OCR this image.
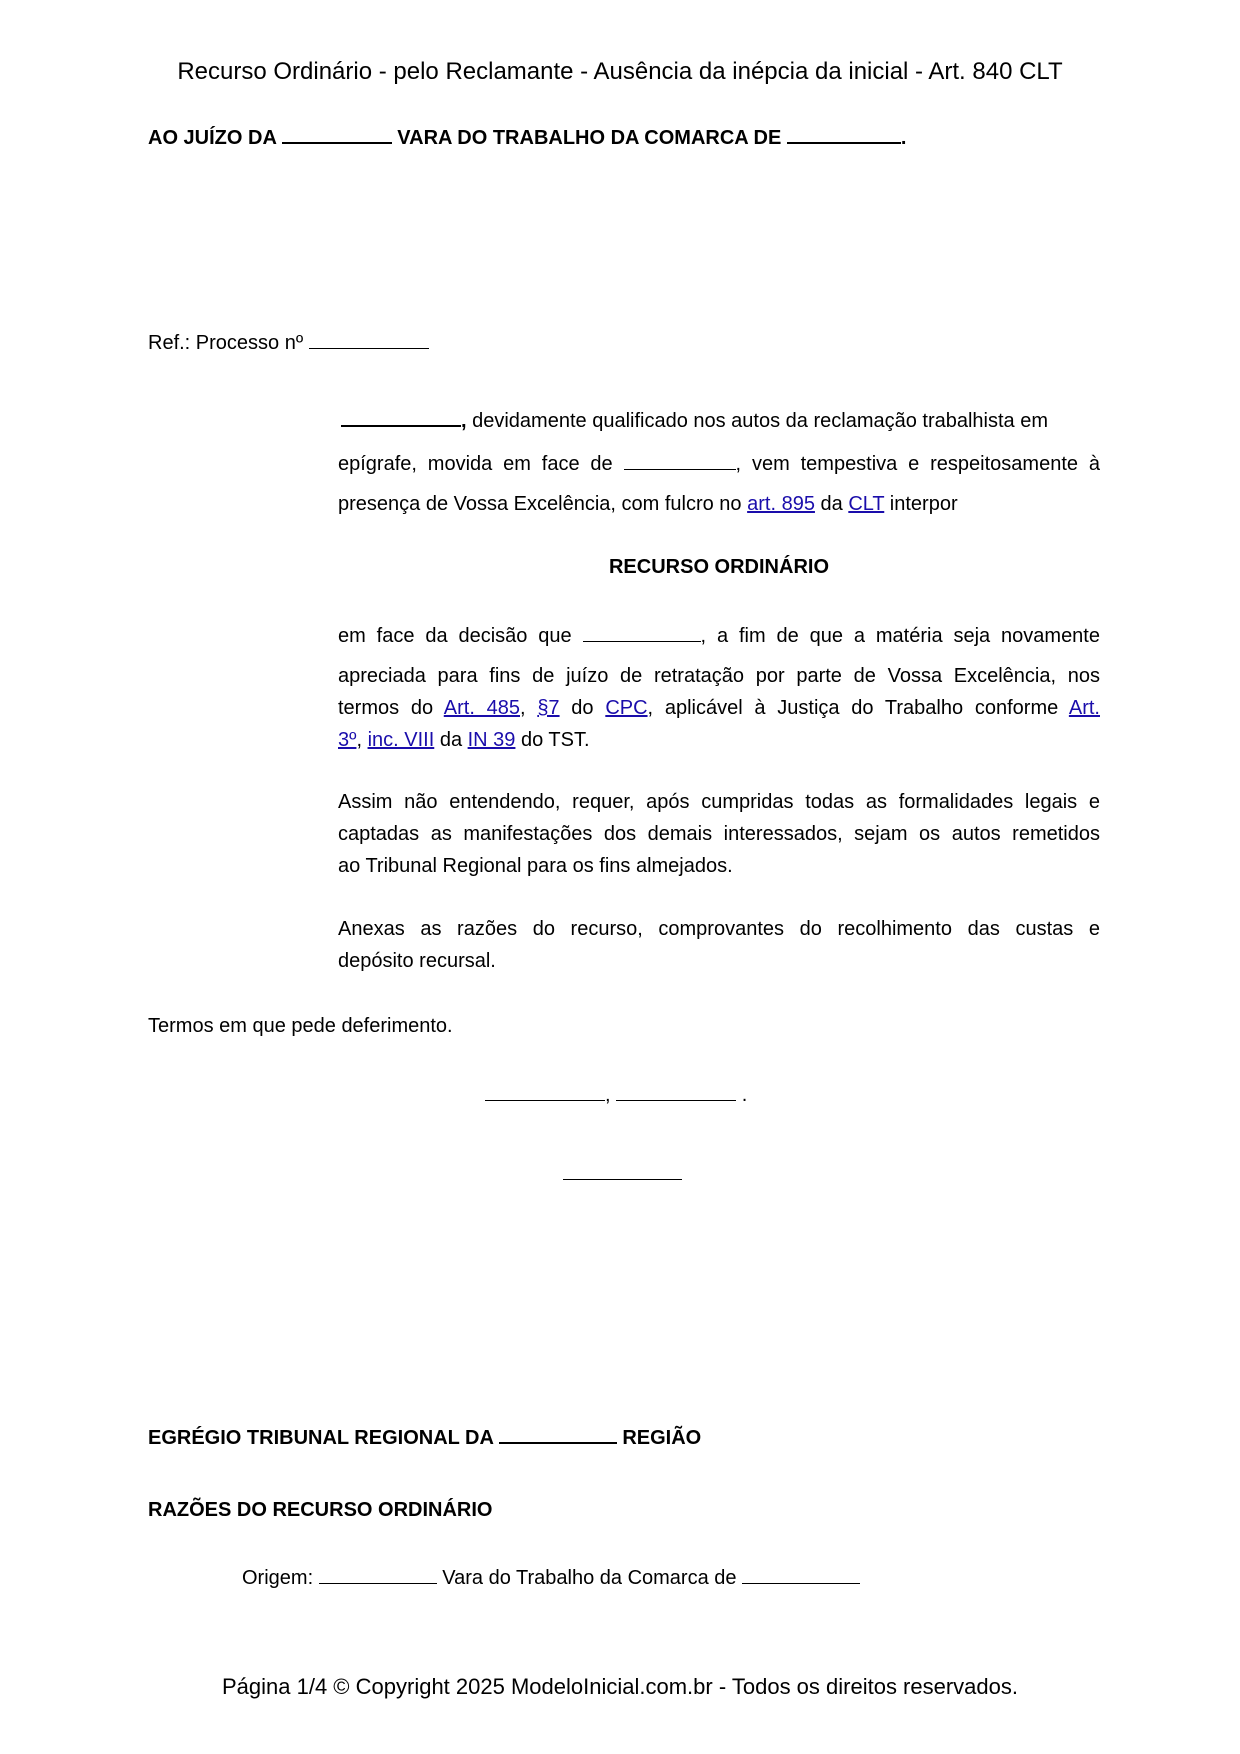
Recurso Ordinário - pelo Reclamante - Ausência da inépcia da inicial - Art. 840 CLT
AO JUÍZO DA	VARA DO TRABALHO DA COMARCA DE	.
Ref.: Processo nº
, devidamente qualificado nos autos da reclamação trabalhista em
epígrafe, movida em face de	, vem tempestiva e respeitosamente à
presença de Vossa Excelência, com fulcro no art. 895 da CLT interpor
RECURSO ORDINÁRIO
em face da decisão que	, a fim de que a matéria seja novamente
apreciada para fins de juízo de retratação por parte de Vossa Excelência, nos
termos do Art. 485, §7 do CPC, aplicável à Justiça do Trabalho conforme Art.
3º, inc. VIII da IN 39 do TST.
Assim não entendendo, requer, após cumpridas todas as formalidades legais e
captadas as manifestações dos demais interessados, sejam os autos remetidos
ao Tribunal Regional para os fins almejados.
Anexas as razões do recurso, comprovantes do recolhimento das custas e
depósito recursal.
Termos em que pede deferimento.
,	.
EGRÉGIO TRIBUNAL REGIONAL DA	REGIÃO
RAZÕES DO RECURSO ORDINÁRIO
Origem:	Vara do Trabalho da Comarca de
Página 1/4 © Copyright 2025 ModeloInicial.com.br - Todos os direitos reservados.
